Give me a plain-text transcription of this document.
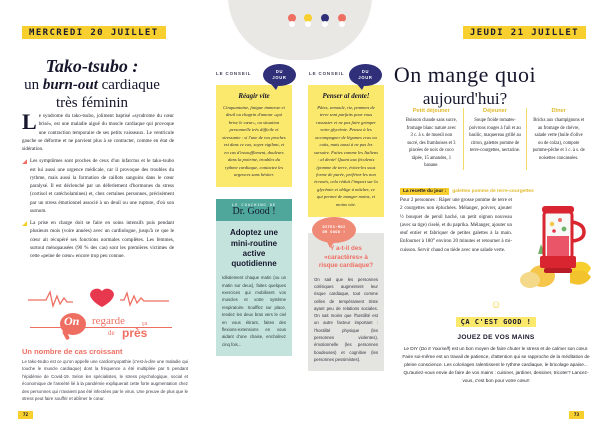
MERCREDI 20 JUILLET
Tako-tsubo :
un burn-out cardiaque
très féminin

Le syndrome du tako-tsubo, joliment baptisé «syndrome du cœur brisé», est une maladie aiguë du muscle cardiaque qui provoque une contraction temporaire de ses petits vaisseaux. Le ventricule gauche se déforme et ne parvient plus à se contracter, comme en état de sidération.

Les symptômes sont proches de ceux d'un infarctus et le tako-tsubo est lui aussi une urgence médicale, car il provoque des troubles du rythme, mais aussi la formation de caillots sanguins dans le cœur paralysé. Il est déclenché par un déferlement d'hormones du stress (cortisol et catécholamines) et, chez certaines personnes, précisément par un stress émotionnel associé à un deuil ou une rupture, d'où son surnom.

La prise en charge doit se faire en soins intensifs puis pendant plusieurs mois (voire années) avec un cardiologue, jusqu'à ce que le cœur ait récupéré ses fonctions normales complètes. Les femmes, surtout ménopausées (90 % des cas) sont les premières victimes de cette «peine de cœur» encore trop peu connue.

On regarde	ça
de près
Un nombre de cas croissant

Le tako-tsubo est ce qu'on appelle une cardiomyopathie (c'est-à-dire une maladie qui touche le muscle cardiaque) dont la fréquence a été multipliée par 5 pendant l'épidémie de Covid-19. Selon les spécialistes, le stress psychologique, social et économique de l'anxiété lié à la pandémie expliquerait cette forte augmentation chez des personnes qui n'avaient pas été infectées par le virus. Une preuve de plus que le stress peut faire souffrir et abîmer le cœur.

LE CONSEIL	DU
JOUR
Réagir vite

Cinquantaine, fatigue immense et deuil ou chagrin d'amour «qui brise le cœur», ou situation personnelle très difficile et stressante : si l'une de vos proches est dans ce cas, soyez vigilant, et en cas d'essoufflement, douleurs dans la poitrine, troubles du rythme cardiaque, contactez les urgences sans hésiter.

LE COACHING DE
Dr. Good !
Adoptez une mini-routine active quotidienne

Idéalement chaque matin (ou un matin sur deux), faites quelques exercices qui mobilisent vos muscles et votre système respiratoire. Soufflez sur place, tendez les deux bras vers le ciel en vous étirant, faites des flexions-extensions en vous aidant d'une chaise, enchaînez cinq fois...

72
JEUDI 21 JUILLET
On mange quoi
aujourd'hui?
Petit déjeuner

Boisson chaude sans sucre, fromage blanc nature avec 3 c. à s. de muesli non sucré, des framboises et 3 pincées de noix de coco râpée, 15 amandes, 1 banane.

Déjeuner

Soupe froide tomates-poivrons rouges à l'ail et au basilic, maquereau grillé au citron, galettes pomme de terre-courgettes, nectarine.

Dîner

Bricks aux champignons et au fromage de chèvre, salade verte (huile d'olive ou de colza), compote pomme-pêche et 1 c. à s. de noisettes concassées.

La recette du jour :	galettes pomme de terre-courgettes
Pour 2 personnes : Râper une grosse pomme de terre et 2 courgettes non épluchées. Mélanger, poivrer, ajouter ½ bouquet de persil haché, un petit oignon nouveau (avec sa tige) ciselé, et du paprika. Mélanger, ajouter un œuf entier et fabriquer de petites galettes à la main. Enfourner à 180° environ 20 minutes et retourner à mi-cuisson. Servir chaud ou tiède avec une salade verte.
LE CONSEIL	DU
JOUR
Penser al dente!

Pâtes, semoule, riz, pommes de terre sont parfaits pour vous rassasier et ne pas faire grimper votre glycémie. Pensez à les accompagner de légumes crus ou cuits, mais aussi à ne pas les sursuire. Faites comme les Italiens : al dente! Quant aux féculents (pomme de terre, évitez-les sous forme de purée, préférez-les non écrasés, cela réduit l'impact sur la glycémie et oblige à mâcher, ce qui permet de manger moins, et moins vite.

DITES-MOI
DR GOOD !
Y a-t-il des «caractères» à risque cardiaque?

On sait que les personnes colériques augmentent leur risque cardiaque, tout comme celles de tempérament triste ayant peu de relations sociales. On sait moins que l'hostilité est un autre facteur important : l'hostilité physique (les personnes violentes), émotionnelle (les personnes boudeuses) et cognitive (les personnes pessimistes).

☺
ÇA C'EST GOOD !
JOUEZ DE VOS MAINS

Le DIY (Do It Yourself) est un bon moyen de faire chuter le stress et de calmer son cœur. Faire soi-même est un travail de patience, d'attention qui se rapproche de la méditation de pleine conscience. Les coloriages ralentissent le rythme cardiaque, le bricolage apaise... Qu'auriez-vous envie de faire de vos mains : cuisiner, jardiner, dessiner, tricoter? Lancez-vous, c'est bon pour votre cœur!

73
